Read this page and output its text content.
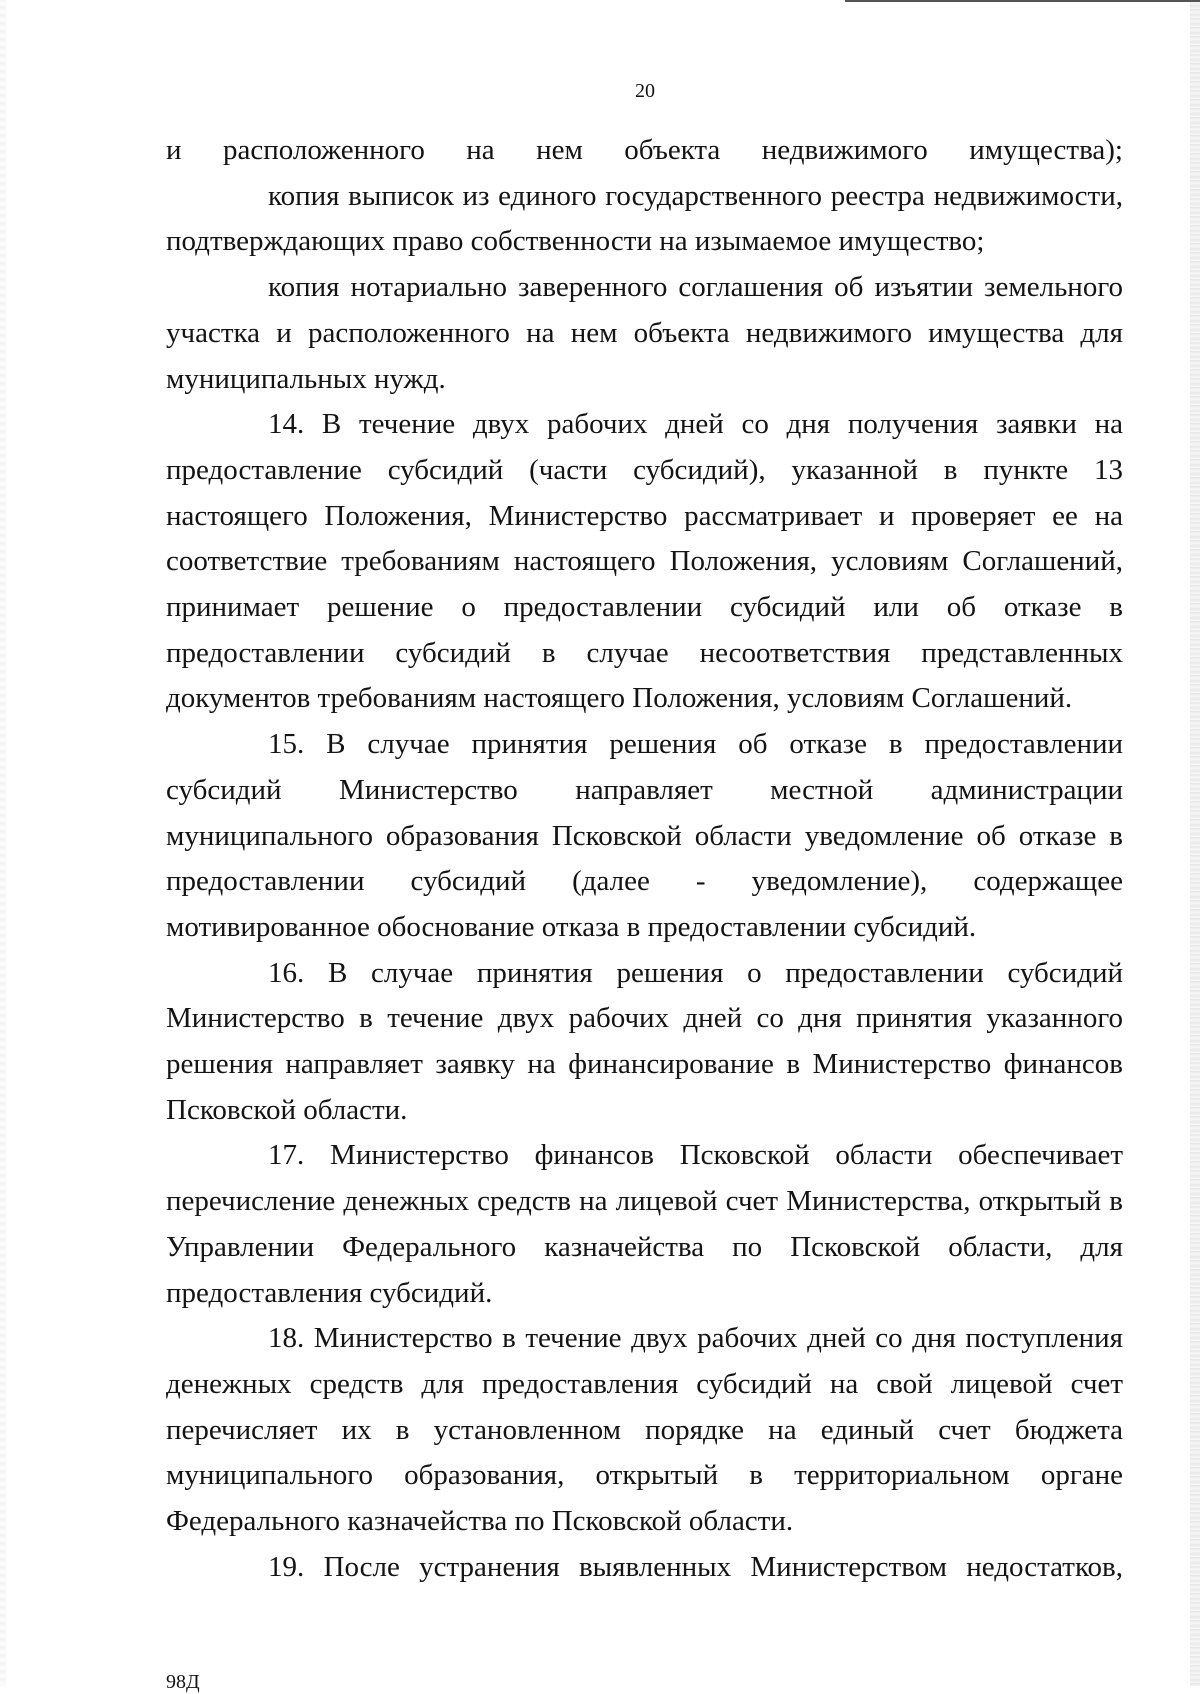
20

и расположенного на нем объекта недвижимого имущества);

копия выписок из единого государственного реестра недвижимости, подтверждающих право собственности на изымаемое имущество;

копия нотариально заверенного соглашения об изъятии земельного участка и расположенного на нем объекта недвижимого имущества для муниципальных нужд.

14. В течение двух рабочих дней со дня получения заявки на предоставление субсидий (части субсидий), указанной в пункте 13 настоящего Положения, Министерство рассматривает и проверяет ее на соответствие требованиям настоящего Положения, условиям Соглашений, принимает решение о предоставлении субсидий или об отказе в предоставлении субсидий в случае несоответствия представленных документов требованиям настоящего Положения, условиям Соглашений.

15. В случае принятия решения об отказе в предоставлении субсидий Министерство направляет местной администрации муниципального образования Псковской области уведомление об отказе в предоставлении субсидий (далее - уведомление), содержащее мотивированное обоснование отказа в предоставлении субсидий.

16. В случае принятия решения о предоставлении субсидий Министерство в течение двух рабочих дней со дня принятия указанного решения направляет заявку на финансирование в Министерство финансов Псковской области.

17. Министерство финансов Псковской области обеспечивает перечисление денежных средств на лицевой счет Министерства, открытый в Управлении Федерального казначейства по Псковской области, для предоставления субсидий.

18. Министерство в течение двух рабочих дней со дня поступления денежных средств для предоставления субсидий на свой лицевой счет перечисляет их в установленном порядке на единый счет бюджета муниципального образования, открытый в территориальном органе Федерального казначейства по Псковской области.

19. После устранения выявленных Министерством недостатков,

98Д
